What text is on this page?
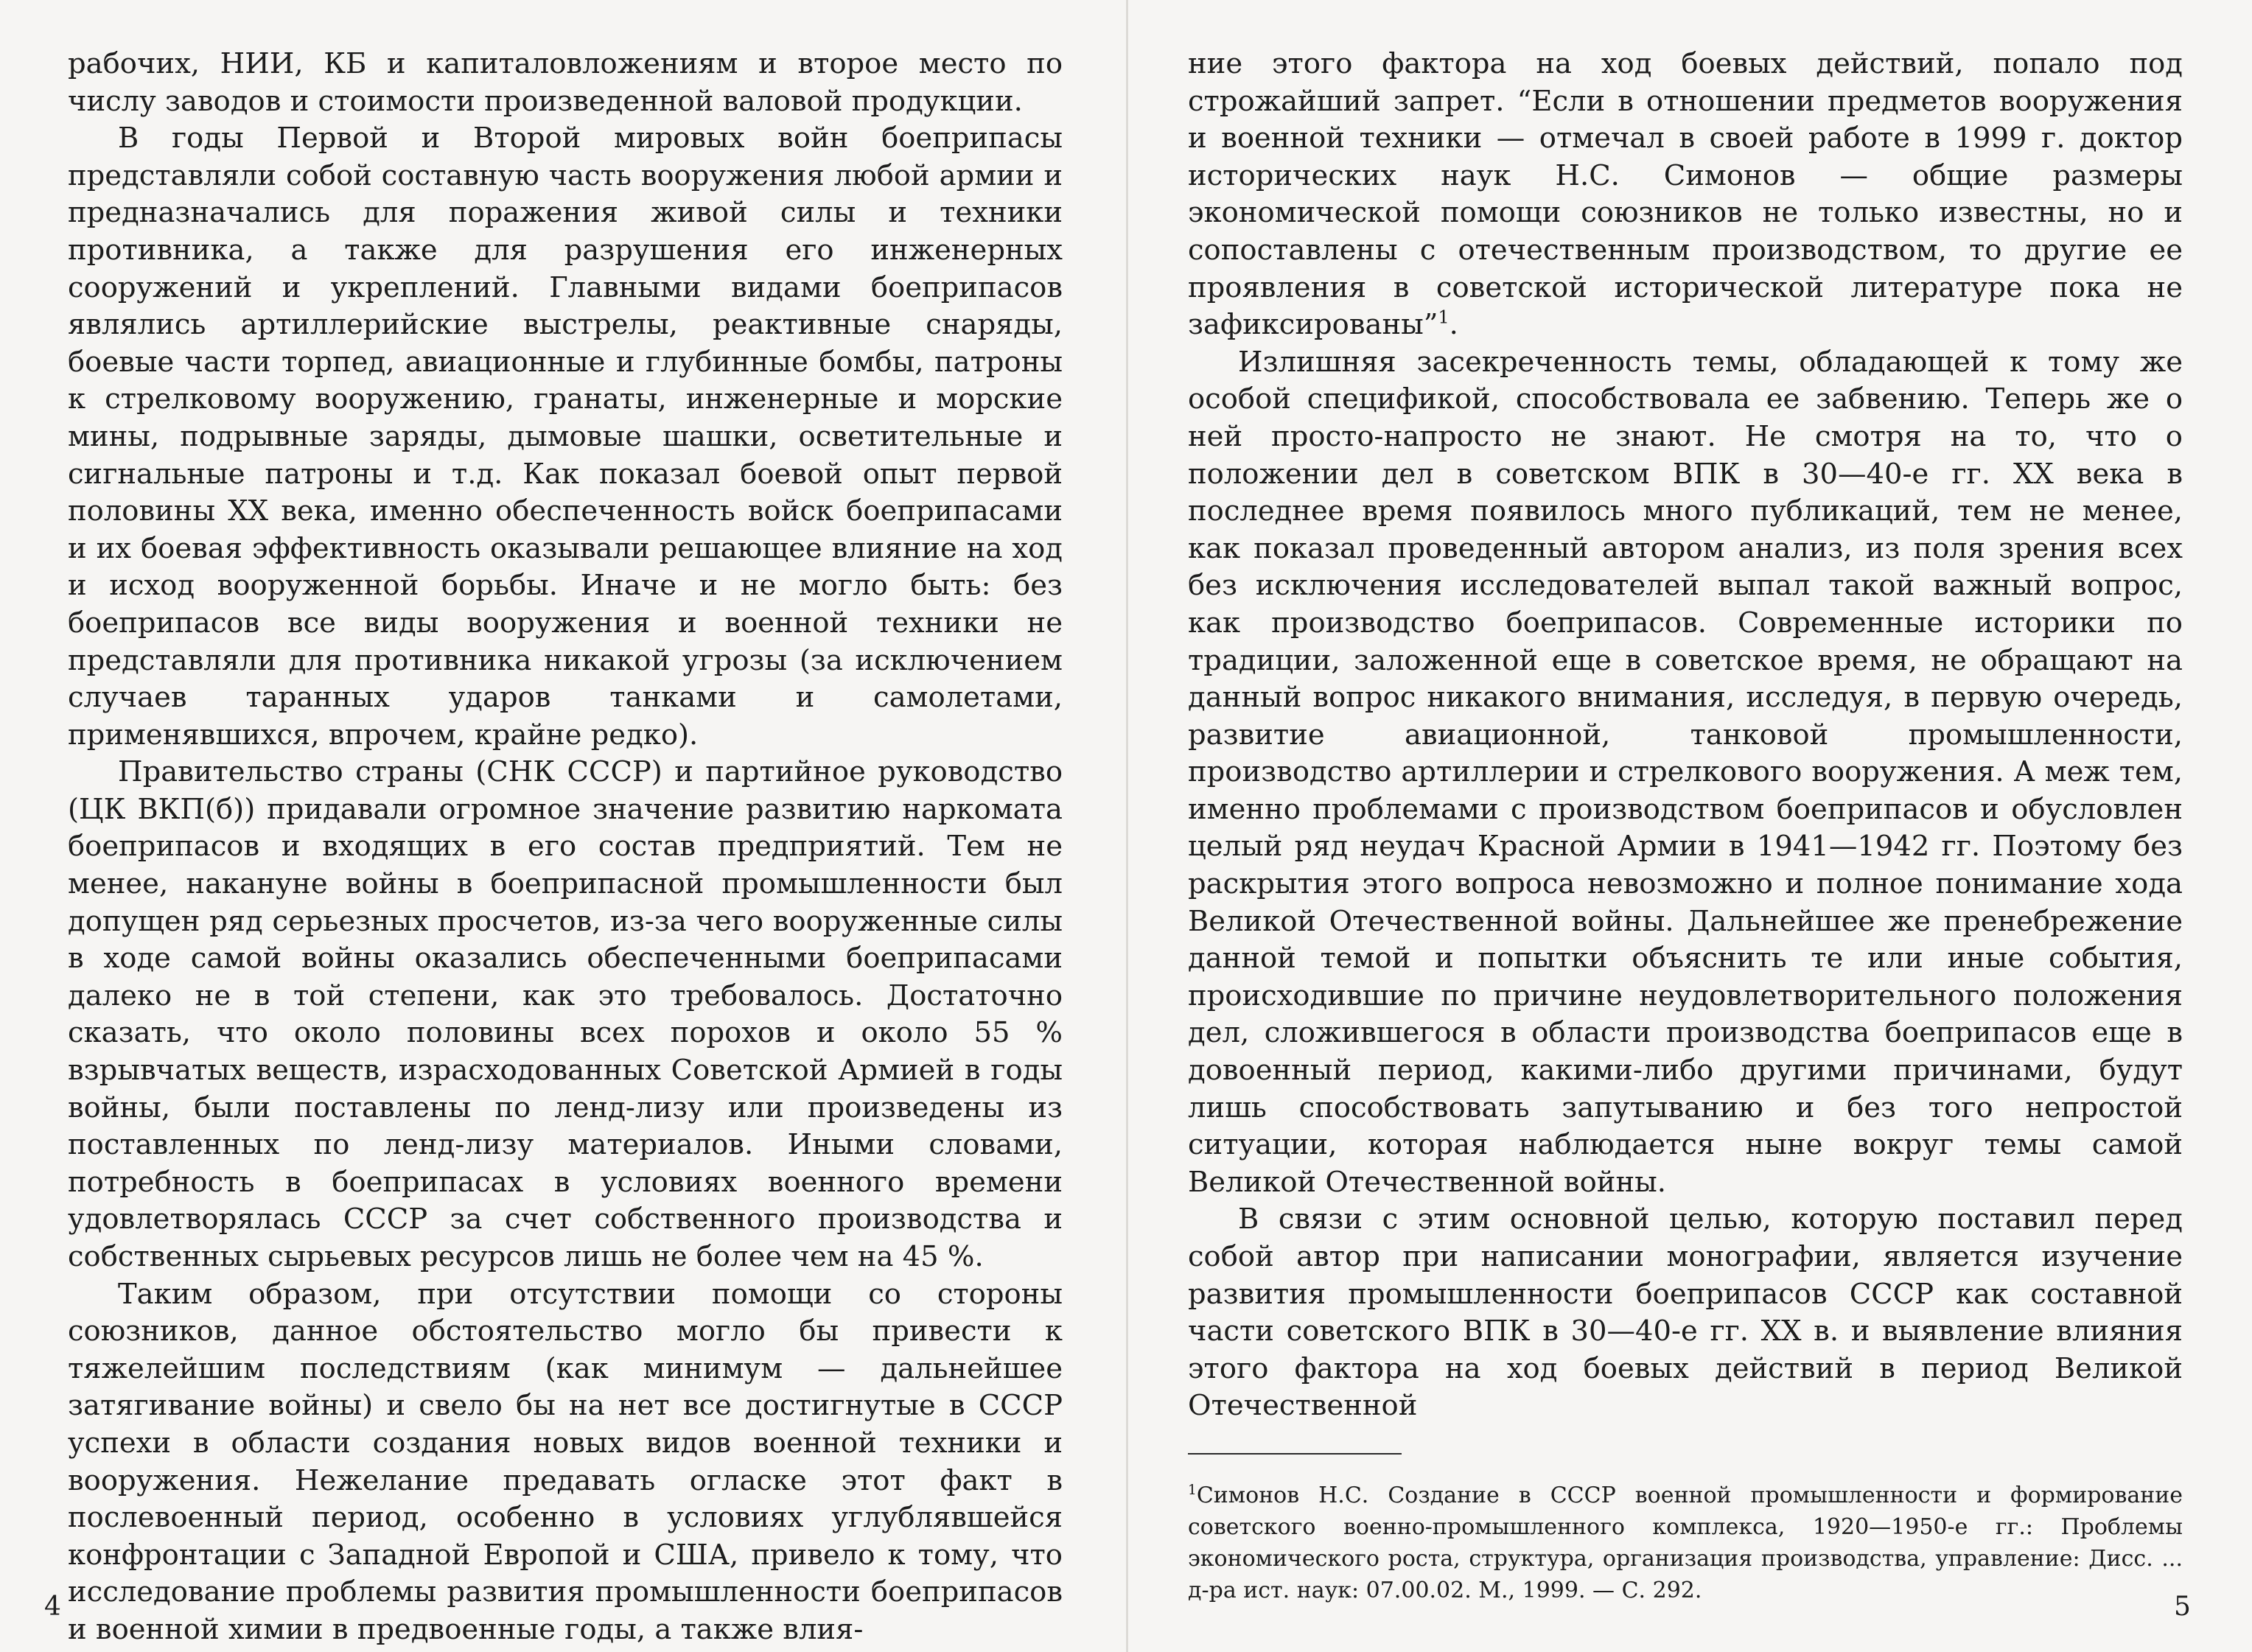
рабочих, НИИ, КБ и капиталовложениям и второе место по числу заводов и стоимости произведенной валовой продукции.

В годы Первой и Второй мировых войн боеприпасы представляли собой составную часть вооружения любой армии и предназначались для поражения живой силы и техники противника, а также для разрушения его инженерных сооружений и укреплений. Главными видами боеприпасов являлись артиллерийские выстрелы, реактивные снаряды, боевые части торпед, авиационные и глубинные бомбы, патроны к стрелковому вооружению, гранаты, инженерные и морские мины, подрывные заряды, дымовые шашки, осветительные и сигнальные патроны и т.д. Как показал боевой опыт первой половины XX века, именно обеспеченность войск боеприпасами и их боевая эффективность оказывали решающее влияние на ход и исход вооруженной борьбы. Иначе и не могло быть: без боеприпасов все виды вооружения и военной техники не представляли для противника никакой угрозы (за исключением случаев таранных ударов танками и самолетами, применявшихся, впрочем, крайне редко).

Правительство страны (СНК СССР) и партийное руководство (ЦК ВКП(б)) придавали огромное значение развитию наркомата боеприпасов и входящих в его состав предприятий. Тем не менее, накануне войны в боеприпасной промышленности был допущен ряд серьезных просчетов, из-за чего вооруженные силы в ходе самой войны оказались обеспеченными боеприпасами далеко не в той степени, как это требовалось. Достаточно сказать, что около половины всех порохов и около 55 % взрывчатых веществ, израсходованных Советской Армией в годы войны, были поставлены по ленд-лизу или произведены из поставленных по ленд-лизу материалов. Иными словами, потребность в боеприпасах в условиях военного времени удовлетворялась СССР за счет собственного производства и собственных сырьевых ресурсов лишь не более чем на 45 %.

Таким образом, при отсутствии помощи со стороны союзников, данное обстоятельство могло бы привести к тяжелейшим последствиям (как минимум — дальнейшее затягивание войны) и свело бы на нет все достигнутые в СССР успехи в области создания новых видов военной техники и вооружения. Нежелание предавать огласке этот факт в послевоенный период, особенно в условиях углублявшейся конфронтации с Западной Европой и США, привело к тому, что исследование проблемы развития промышленности боеприпасов и военной химии в предвоенные годы, а также влия-

ние этого фактора на ход боевых действий, попало под строжайший запрет. “Если в отношении предметов вооружения и военной техники — отмечал в своей работе в 1999 г. доктор исторических наук Н.С. Симонов — общие размеры экономической помощи союзников не только известны, но и сопоставлены с отечественным производством, то другие ее проявления в советской исторической литературе пока не зафиксированы”$^1$.

Излишняя засекреченность темы, обладающей к тому же особой спецификой, способствовала ее забвению. Теперь же о ней просто-напросто не знают. Не смотря на то, что о положении дел в советском ВПК в 30—40-е гг. XX века в последнее время появилось много публикаций, тем не менее, как показал проведенный автором анализ, из поля зрения всех без исключения исследователей выпал такой важный вопрос, как производство боеприпасов. Современные историки по традиции, заложенной еще в советское время, не обращают на данный вопрос никакого внимания, исследуя, в первую очередь, развитие авиационной, танковой промышленности, производство артиллерии и стрелкового вооружения. А меж тем, именно проблемами с производством боеприпасов и обусловлен целый ряд неудач Красной Армии в 1941—1942 гг. Поэтому без раскрытия этого вопроса невозможно и полное понимание хода Великой Отечественной войны. Дальнейшее же пренебрежение данной темой и попытки объяснить те или иные события, происходившие по причине неудовлетворительного положения дел, сложившегося в области производства боеприпасов еще в довоенный период, какими-либо другими причинами, будут лишь способствовать запутыванию и без того непростой ситуации, которая наблюдается ныне вокруг темы самой Великой Отечественной войны.

В связи с этим основной целью, которую поставил перед собой автор при написании монографии, является изучение развития промышленности боеприпасов СССР как составной части советского ВПК в 30—40-е гг. XX в. и выявление влияния этого фактора на ход боевых действий в период Великой Отечественной

$^1$Симонов Н.С. Создание в СССР военной промышленности и формирование советского военно-промышленного комплекса, 1920—1950-е гг.: Проблемы экономического роста, структура, организация производства, управление: Дисс. ... д-ра ист. наук: 07.00.02. М., 1999. — С. 292.

4	5
